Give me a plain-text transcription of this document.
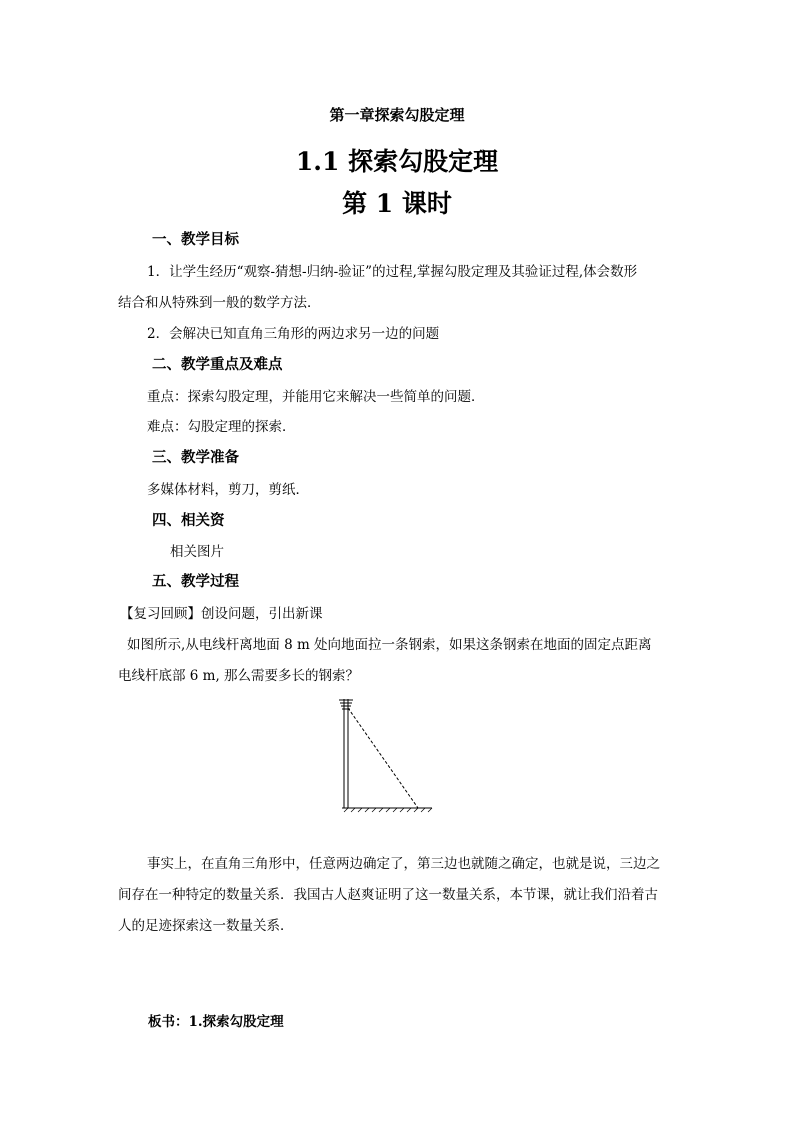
第一章探索勾股定理
1.1 探索勾股定理
第 1 课时
一、教学目标
1．让学生经历“观察-猜想-归纳-验证”的过程,掌握勾股定理及其验证过程,体会数形
结合和从特殊到一般的数学方法．
2．会解决已知直角三角形的两边求另一边的问题
二、教学重点及难点
重点：探索勾股定理，并能用它来解决一些简单的问题．
难点：勾股定理的探索．
三、教学准备
多媒体材料，剪刀，剪纸．
四、相关资
相关图片
五、教学过程
【复习回顾】创设问题，引出新课
如图所示,从电线杆离地面 8 m 处向地面拉一条钢索，如果这条钢索在地面的固定点距离
电线杆底部 6 m, 那么需要多长的钢索？
事实上，在直角三角形中，任意两边确定了，第三边也就随之确定，也就是说，三边之
间存在一种特定的数量关系．我国古人赵爽证明了这一数量关系，本节课，就让我们沿着古
人的足迹探索这一数量关系．
板书：1.探索勾股定理
